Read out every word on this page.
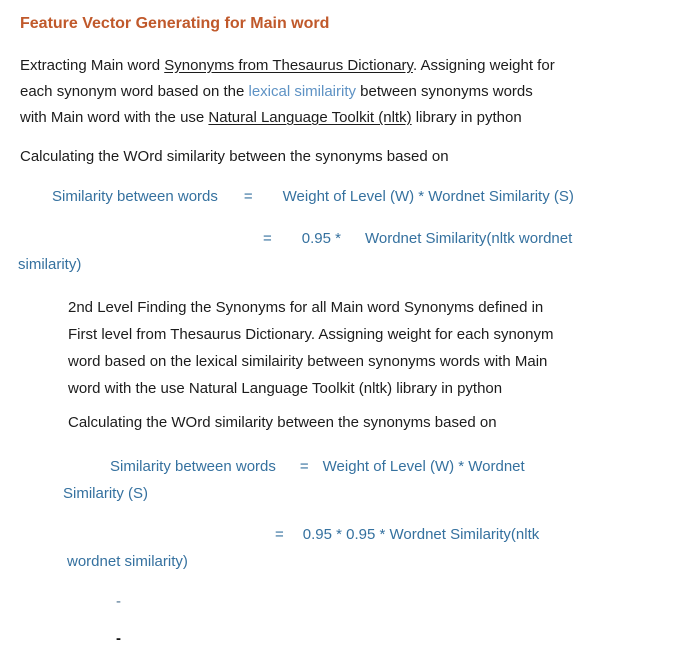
Feature Vector Generating for Main word
Extracting Main word Synonyms from Thesaurus Dictionary. Assigning weight for
each synonym word based on the lexical similairity between synonyms words
with Main word with the use Natural Language Toolkit (nltk) library in python
Calculating the WOrd similarity between the synonyms based on
Similarity between words = Weight of Level (W) * Wordnet Similarity (S)
= 0.95 * Wordnet Similarity(nltk wordnet
similarity)
2nd Level Finding the Synonyms for all Main word Synonyms defined in
First level from Thesaurus Dictionary. Assigning weight for each synonym
word based on the lexical similairity between synonyms words with Main
word with the use Natural Language Toolkit (nltk) library in python
Calculating the WOrd similarity between the synonyms based on
Similarity between words = Weight of Level (W) * Wordnet
Similarity (S)
= 0.95 * 0.95 * Wordnet Similarity(nltk
wordnet similarity)
-
-
